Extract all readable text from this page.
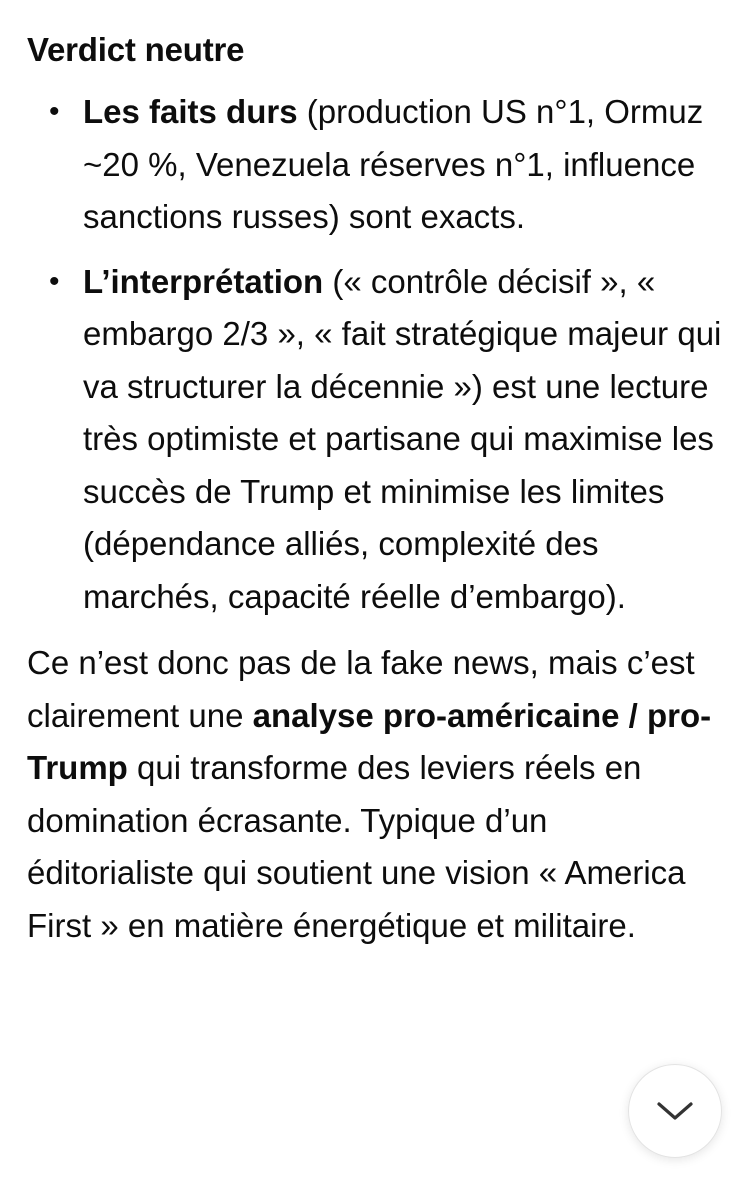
Verdict neutre
• Les faits durs (production US n°1, Ormuz ~20 %, Venezuela réserves n°1, influence sanctions russes) sont exacts.
• L’interprétation (« contrôle décisif », « embargo 2/3 », « fait stratégique majeur qui va structurer la décennie ») est une lecture très optimiste et partisane qui maximise les succès de Trump et minimise les limites (dépendance alliés, complexité des marchés, capacité réelle d’embargo).

Ce n’est donc pas de la fake news, mais c’est clairement une analyse pro-américaine / pro-Trump qui transforme des leviers réels en domination écrasante. Typique d’un éditorialiste qui soutient une vision « America First » en matière énergétique et militaire.
